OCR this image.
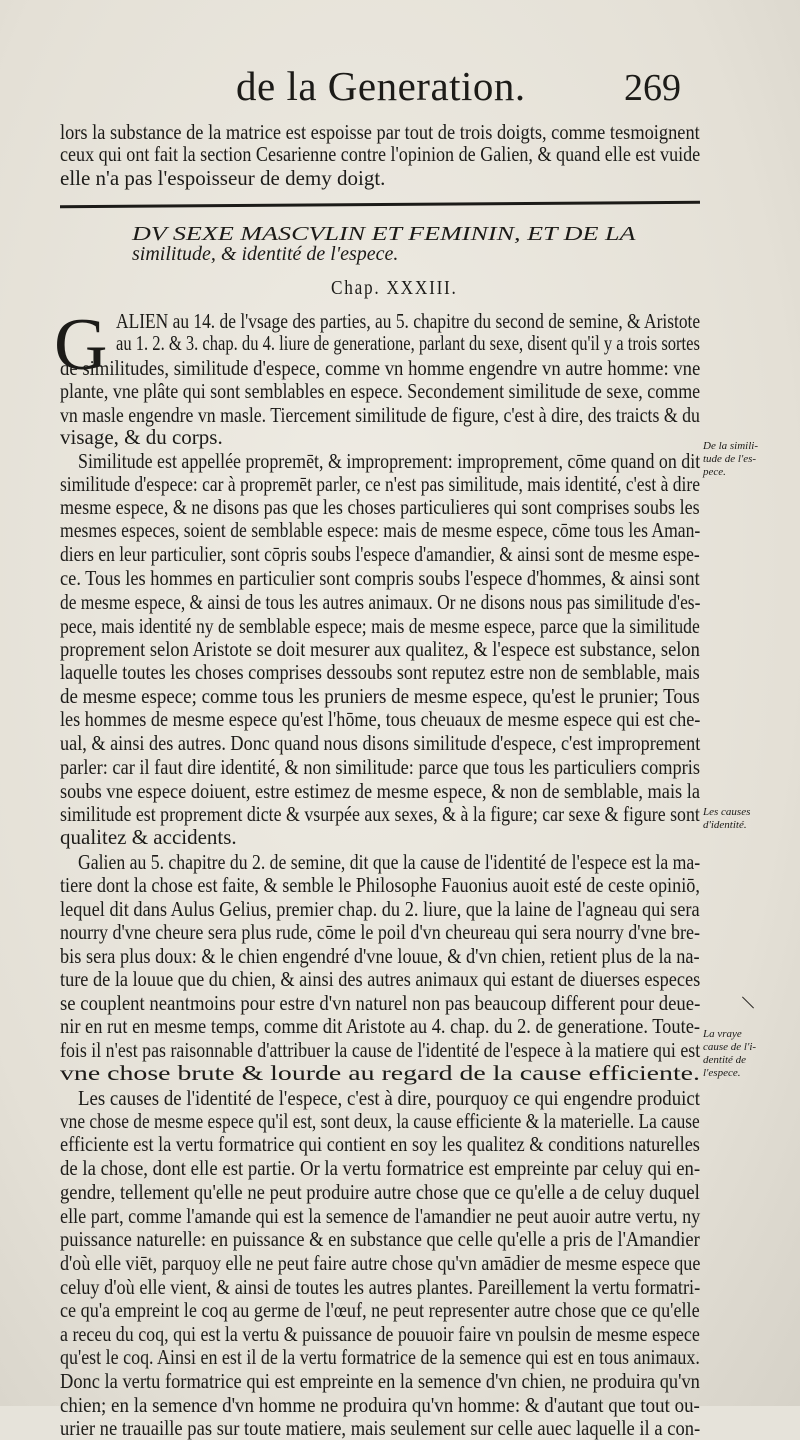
de la Generation.	269
G
lors la substance de la matrice est espoisse par tout de trois doigts, comme tesmoignent
ceux qui ont fait la section Cesarienne contre l'opinion de Galien, & quand elle est vuide
elle n'a pas l'espoisseur de demy doigt.
DV SEXE MASCVLIN ET FEMININ, ET DE LA
similitude, & identité de l'espece.
Chap. XXXIII.
ALIEN au 14. de l'vsage des parties, au 5. chapitre du second de semine, & Aristote
au 1. 2. & 3. chap. du 4. liure de generatione, parlant du sexe, disent qu'il y a trois sortes
de similitudes, similitude d'espece, comme vn homme engendre vn autre homme: vne
plante, vne plâte qui sont semblables en espece. Secondement similitude de sexe, comme
vn masle engendre vn masle. Tiercement similitude de figure, c'est à dire, des traicts & du
visage, & du corps.
Similitude est appellée propremēt, & improprement: improprement, cōme quand on dit
similitude d'espece: car à propremēt parler, ce n'est pas similitude, mais identité, c'est à dire
mesme espece, & ne disons pas que les choses particulieres qui sont comprises soubs les
mesmes especes, soient de semblable espece: mais de mesme espece, cōme tous les Aman-
diers en leur particulier, sont cōpris soubs l'espece d'amandier, & ainsi sont de mesme espe-
ce. Tous les hommes en particulier sont compris soubs l'espece d'hommes, & ainsi sont
de mesme espece, & ainsi de tous les autres animaux. Or ne disons nous pas similitude d'es-
pece, mais identité ny de semblable espece; mais de mesme espece, parce que la similitude
proprement selon Aristote se doit mesurer aux qualitez, & l'espece est substance, selon
laquelle toutes les choses comprises dessoubs sont reputez estre non de semblable, mais
de mesme espece; comme tous les pruniers de mesme espece, qu'est le prunier; Tous
les hommes de mesme espece qu'est l'hōme, tous cheuaux de mesme espece qui est che-
ual, & ainsi des autres. Donc quand nous disons similitude d'espece, c'est improprement
parler: car il faut dire identité, & non similitude: parce que tous les particuliers compris
soubs vne espece doiuent, estre estimez de mesme espece, & non de semblable, mais la
similitude est proprement dicte & vsurpée aux sexes, & à la figure; car sexe & figure sont
qualitez & accidents.
Galien au 5. chapitre du 2. de semine, dit que la cause de l'identité de l'espece est la ma-
tiere dont la chose est faite, & semble le Philosophe Fauonius auoit esté de ceste opiniō,
lequel dit dans Aulus Gelius, premier chap. du 2. liure, que la laine de l'agneau qui sera
nourry d'vne cheure sera plus rude, cōme le poil d'vn cheureau qui sera nourry d'vne bre-
bis sera plus doux: & le chien engendré d'vne louue, & d'vn chien, retient plus de la na-
ture de la louue que du chien, & ainsi des autres animaux qui estant de diuerses especes
se couplent neantmoins pour estre d'vn naturel non pas beaucoup different pour deue-
nir en rut en mesme temps, comme dit Aristote au 4. chap. du 2. de generatione. Toute-
fois il n'est pas raisonnable d'attribuer la cause de l'identité de l'espece à la matiere qui est
vne chose brute & lourde au regard de la cause efficiente.
Les causes de l'identité de l'espece, c'est à dire, pourquoy ce qui engendre produict
vne chose de mesme espece qu'il est, sont deux, la cause efficiente & la materielle. La cause
efficiente est la vertu formatrice qui contient en soy les qualitez & conditions naturelles
de la chose, dont elle est partie. Or la vertu formatrice est empreinte par celuy qui en-
gendre, tellement qu'elle ne peut produire autre chose que ce qu'elle a de celuy duquel
elle part, comme l'amande qui est la semence de l'amandier ne peut auoir autre vertu, ny
puissance naturelle: en puissance & en substance que celle qu'elle a pris de l'Amandier
d'où elle viēt, parquoy elle ne peut faire autre chose qu'vn amādier de mesme espece que
celuy d'où elle vient, & ainsi de toutes les autres plantes. Pareillement la vertu formatri-
ce qu'a empreint le coq au germe de l'œuf, ne peut representer autre chose que ce qu'elle
a receu du coq, qui est la vertu & puissance de pouuoir faire vn poulsin de mesme espece
qu'est le coq. Ainsi en est il de la vertu formatrice de la semence qui est en tous animaux.
Donc la vertu formatrice qui est empreinte en la semence d'vn chien, ne produira qu'vn
chien; en la semence d'vn homme ne produira qu'vn homme: & d'autant que tout ou-
urier ne trauaille pas sur toute matiere, mais seulement sur celle auec laquelle il a con-
De la simili-
tude de l'es-
pece.
Les causes
d'identité.
La vraye
cause de l'i-
dentité de
l'espece.
